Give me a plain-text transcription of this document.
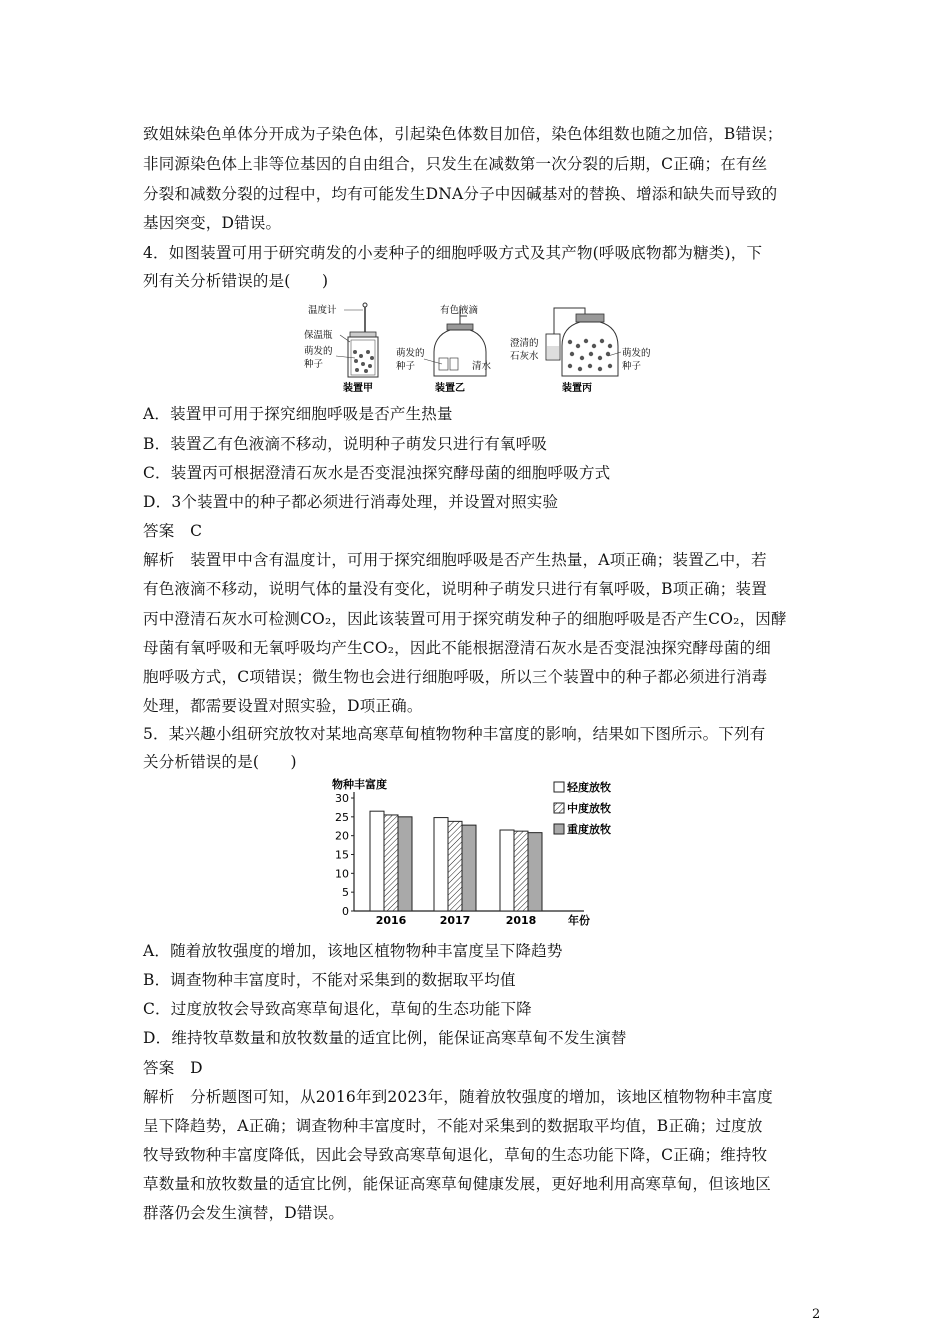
致姐妹染色单体分开成为子染色体，引起染色体数目加倍，染色体组数也随之加倍，B错误；
非同源染色体上非等位基因的自由组合，只发生在减数第一次分裂的后期，C正确；在有丝
分裂和减数分裂的过程中，均有可能发生DNA分子中因碱基对的替换、增添和缺失而导致的
基因突变，D错误。
4．如图装置可用于研究萌发的小麦种子的细胞呼吸方式及其产物(呼吸底物都为糖类)，下
列有关分析错误的是(　　)
温度计
保温瓶
萌发的
种子
装置甲
有色液滴
萌发的
种子	清水
装置乙
澄清的
石灰水	萌发的
种子
装置丙
A．装置甲可用于探究细胞呼吸是否产生热量
B．装置乙有色液滴不移动，说明种子萌发只进行有氧呼吸
C．装置丙可根据澄清石灰水是否变混浊探究酵母菌的细胞呼吸方式
D．3个装置中的种子都必须进行消毒处理，并设置对照实验
答案　C
解析　装置甲中含有温度计，可用于探究细胞呼吸是否产生热量，A项正确；装置乙中，若
有色液滴不移动，说明气体的量没有变化，说明种子萌发只进行有氧呼吸，B项正确；装置
丙中澄清石灰水可检测CO₂，因此该装置可用于探究萌发种子的细胞呼吸是否产生CO₂，因酵
母菌有氧呼吸和无氧呼吸均产生CO₂，因此不能根据澄清石灰水是否变混浊探究酵母菌的细
胞呼吸方式，C项错误；微生物也会进行细胞呼吸，所以三个装置中的种子都必须进行消毒
处理，都需要设置对照实验，D项正确。
5．某兴趣小组研究放牧对某地高寒草甸植物物种丰富度的影响，结果如下图所示。下列有
关分析错误的是(　　)
物种丰富度
0
5
10
15
20
25
30
2016	2017	2018	年份
轻度放牧
中度放牧
重度放牧
A．随着放牧强度的增加，该地区植物物种丰富度呈下降趋势
B．调查物种丰富度时，不能对采集到的数据取平均值
C．过度放牧会导致高寒草甸退化，草甸的生态功能下降
D．维持牧草数量和放牧数量的适宜比例，能保证高寒草甸不发生演替
答案　D
解析　分析题图可知，从2016年到2023年，随着放牧强度的增加，该地区植物物种丰富度
呈下降趋势，A正确；调查物种丰富度时，不能对采集到的数据取平均值，B正确；过度放
牧导致物种丰富度降低，因此会导致高寒草甸退化，草甸的生态功能下降，C正确；维持牧
草数量和放牧数量的适宜比例，能保证高寒草甸健康发展，更好地利用高寒草甸，但该地区
群落仍会发生演替，D错误。
2
